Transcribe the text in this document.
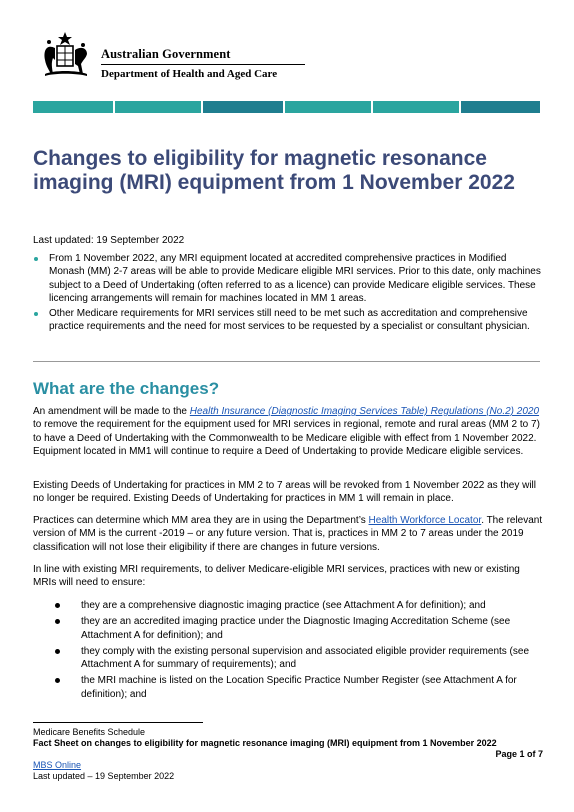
Australian Government
Department of Health and Aged Care
Changes to eligibility for magnetic resonance imaging (MRI) equipment from 1 November 2022
Last updated: 19 September 2022
From 1 November 2022, any MRI equipment located at accredited comprehensive practices in Modified Monash (MM) 2-7 areas will be able to provide Medicare eligible MRI services. Prior to this date, only machines subject to a Deed of Undertaking (often referred to as a licence) can provide Medicare eligible services. These licencing arrangements will remain for machines located in MM 1 areas.
Other Medicare requirements for MRI services still need to be met such as accreditation and comprehensive practice requirements and the need for most services to be requested by a specialist or consultant physician.
What are the changes?

An amendment will be made to the Health Insurance (Diagnostic Imaging Services Table) Regulations (No.2) 2020 to remove the requirement for the equipment used for MRI services in regional, remote and rural areas (MM 2 to 7) to have a Deed of Undertaking with the Commonwealth to be Medicare eligible with effect from 1 November 2022. Equipment located in MM1 will continue to require a Deed of Undertaking to provide Medicare eligible services.

Existing Deeds of Undertaking for practices in MM 2 to 7 areas will be revoked from 1 November 2022 as they will no longer be required. Existing Deeds of Undertaking for practices in MM 1 will remain in place.

Practices can determine which MM area they are in using the Department’s Health Workforce Locator. The relevant version of MM is the current -2019 – or any future version. That is, practices in MM 2 to 7 areas under the 2019 classification will not lose their eligibility if there are changes in future versions.

In line with existing MRI requirements, to deliver Medicare-eligible MRI services, practices with new or existing MRIs will need to ensure:

they are a comprehensive diagnostic imaging practice (see Attachment A for definition); and
they are an accredited imaging practice under the Diagnostic Imaging Accreditation Scheme (see Attachment A for definition); and
they comply with the existing personal supervision and associated eligible provider requirements (see Attachment A for summary of requirements); and
the MRI machine is listed on the Location Specific Practice Number Register (see Attachment A for definition); and
Medicare Benefits Schedule
Fact Sheet on changes to eligibility for magnetic resonance imaging (MRI) equipment from 1 November 2022
Page 1 of 7
MBS Online
Last updated – 19 September 2022
